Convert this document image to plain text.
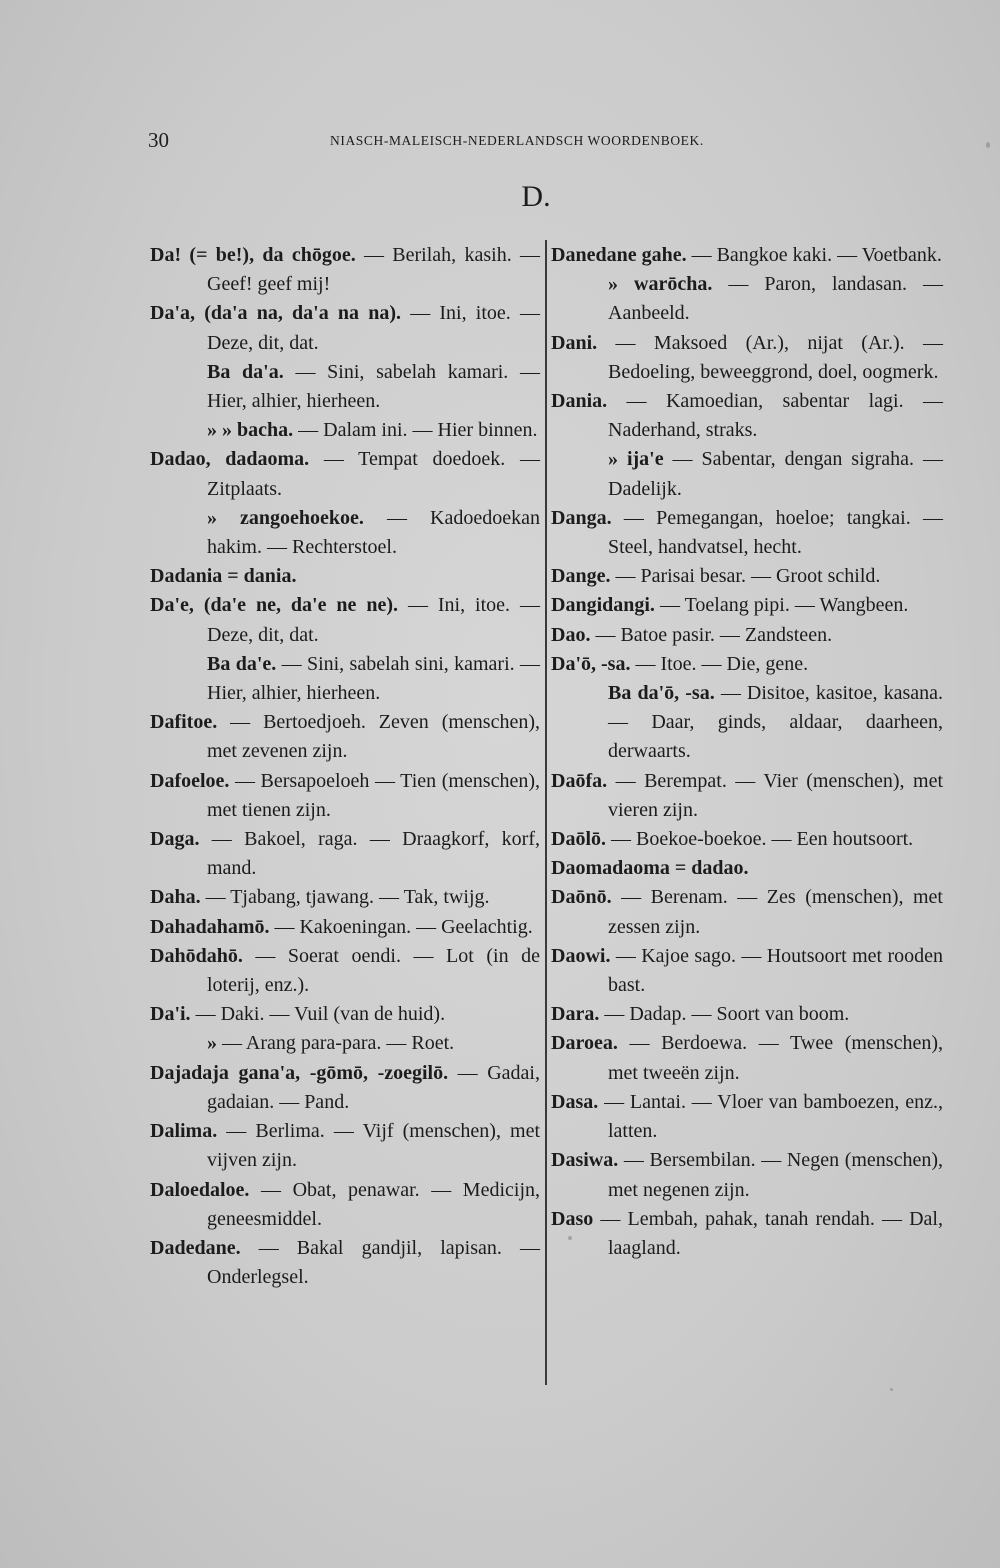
30	NIASCH-MALEISCH-NEDERLANDSCH WOORDENBOEK.
D.

Da! (= be!), da chōgoe. — Berilah, kasih. — Geef! geef mij!

Da'a, (da'a na, da'a na na). — Ini, itoe. — Deze, dit, dat.

Ba da'a. — Sini, sabelah kamari. — Hier, alhier, hierheen.

» » bacha. — Dalam ini. — Hier binnen.

Dadao, dadaoma. — Tempat doedoek. — Zitplaats.

» zangoehoekoe. — Kadoedoekan hakim. — Rechterstoel.

Dadania = dania.

Da'e, (da'e ne, da'e ne ne). — Ini, itoe. — Deze, dit, dat.

Ba da'e. — Sini, sabelah sini, kamari. — Hier, alhier, hierheen.

Dafitoe. — Bertoedjoeh. Zeven (menschen), met zevenen zijn.

Dafoeloe. — Bersapoeloeh — Tien (menschen), met tienen zijn.

Daga. — Bakoel, raga. — Draagkorf, korf, mand.

Daha. — Tjabang, tjawang. — Tak, twijg.

Dahadahamō. — Kakoeningan. — Geelachtig.

Dahōdahō. — Soerat oendi. — Lot (in de loterij, enz.).

Da'i. — Daki. — Vuil (van de huid).

» — Arang para-para. — Roet.

Dajadaja gana'a, -gōmō, -zoegilō. — Gadai, gadaian. — Pand.

Dalima. — Berlima. — Vijf (menschen), met vijven zijn.

Daloedaloe. — Obat, penawar. — Medicijn, geneesmiddel.

Dadedane. — Bakal gandjil, lapisan. — Onderlegsel.

Danedane gahe. — Bangkoe kaki. — Voetbank.

» warōcha. — Paron, landasan. — Aanbeeld.

Dani. — Maksoed (Ar.), nijat (Ar.). — Bedoeling, beweeggrond, doel, oogmerk.

Dania. — Kamoedian, sabentar lagi. — Naderhand, straks.

» ija'e — Sabentar, dengan sigraha. — Dadelijk.

Danga. — Pemegangan, hoeloe; tangkai. — Steel, handvatsel, hecht.

Dange. — Parisai besar. — Groot schild.

Dangidangi. — Toelang pipi. — Wangbeen.

Dao. — Batoe pasir. — Zandsteen.

Da'ō, -sa. — Itoe. — Die, gene.

Ba da'ō, -sa. — Disitoe, kasitoe, kasana. — Daar, ginds, aldaar, daarheen, derwaarts.

Daōfa. — Berempat. — Vier (menschen), met vieren zijn.

Daōlō. — Boekoe-boekoe. — Een houtsoort.

Daomadaoma = dadao.

Daōnō. — Berenam. — Zes (menschen), met zessen zijn.

Daowi. — Kajoe sago. — Houtsoort met rooden bast.

Dara. — Dadap. — Soort van boom.

Daroea. — Berdoewa. — Twee (menschen), met tweeën zijn.

Dasa. — Lantai. — Vloer van bamboezen, enz., latten.

Dasiwa. — Bersembilan. — Negen (menschen), met negenen zijn.

Daso — Lembah, pahak, tanah rendah. — Dal, laagland.
